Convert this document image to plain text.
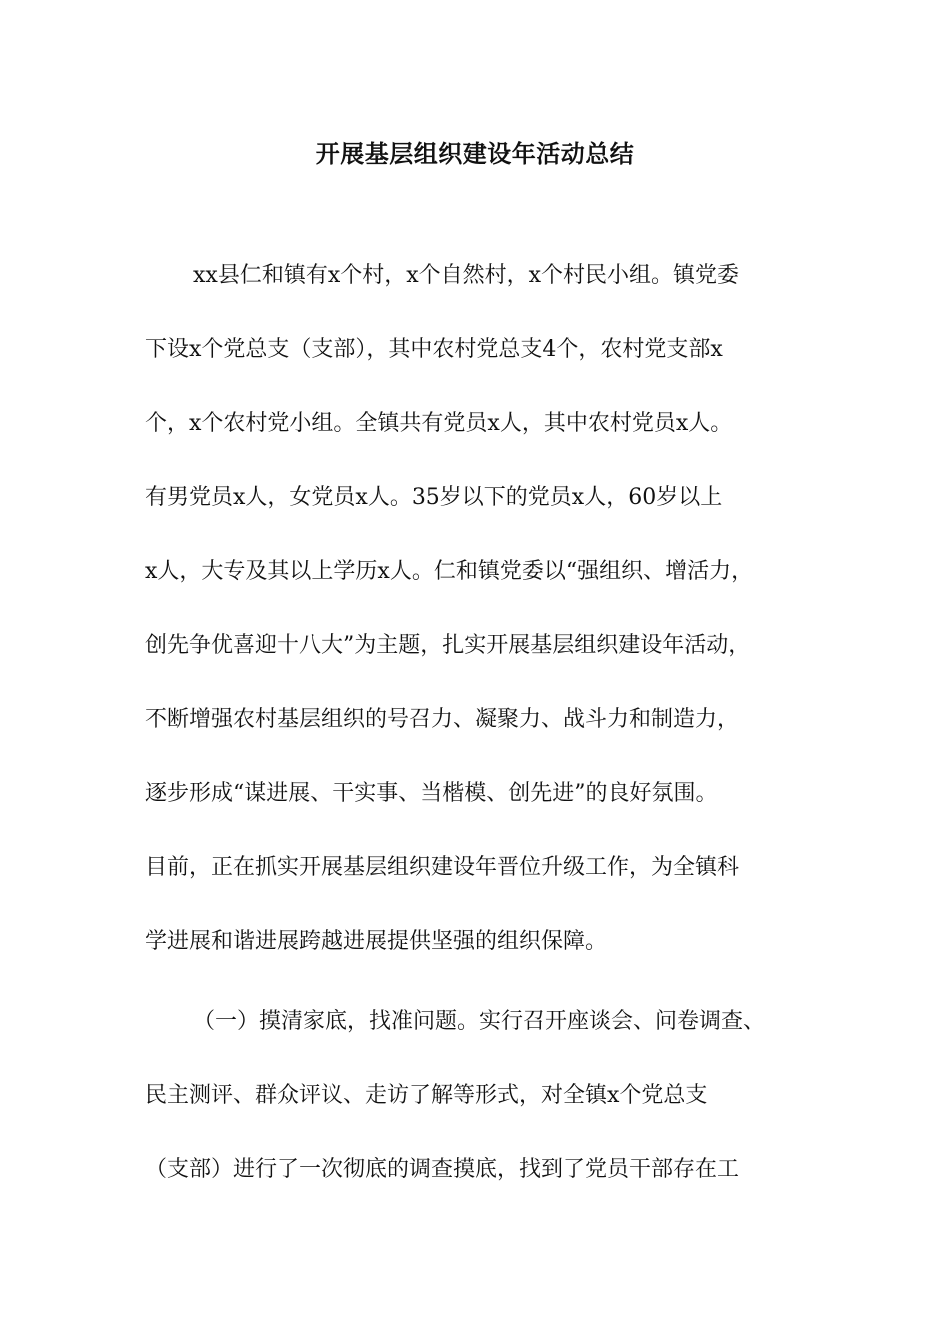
开展基层组织建设年活动总结
xx县仁和镇有x个村，x个自然村，x个村民小组。镇党委
下设x个党总支（支部），其中农村党总支4个，农村党支部x
个，x个农村党小组。全镇共有党员x人，其中农村党员x人。
有男党员x人，女党员x人。35岁以下的党员x人，60岁以上
x人，大专及其以上学历x人。仁和镇党委以“强组织、增活力，
创先争优喜迎十八大”为主题，扎实开展基层组织建设年活动，
不断增强农村基层组织的号召力、凝聚力、战斗力和制造力，
逐步形成“谋进展、干实事、当楷模、创先进”的良好氛围。
目前，正在抓实开展基层组织建设年晋位升级工作，为全镇科
学进展和谐进展跨越进展提供坚强的组织保障。
（一）摸清家底，找准问题。实行召开座谈会、问卷调查、
民主测评、群众评议、走访了解等形式，对全镇x个党总支
（支部）进行了一次彻底的调查摸底，找到了党员干部存在工
